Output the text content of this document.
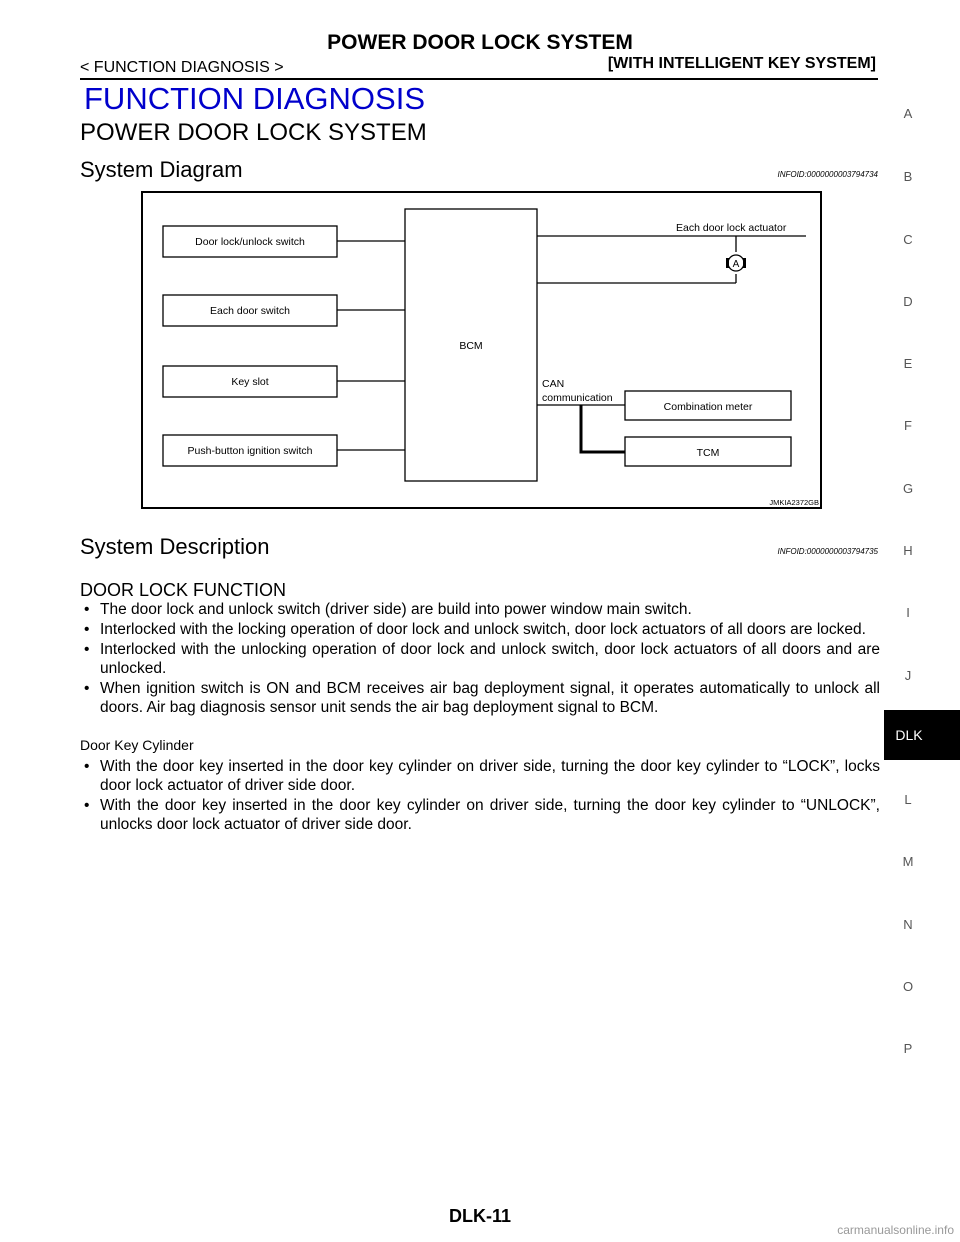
POWER DOOR LOCK SYSTEM
< FUNCTION DIAGNOSIS >	[WITH INTELLIGENT KEY SYSTEM]
FUNCTION DIAGNOSIS
POWER DOOR LOCK SYSTEM
System Diagram	INFOID:0000000003794734
A
Door lock/unlock switch
Each door switch
Key slot
Push-button ignition switch
BCM
Combination meter
TCM
Each door lock actuator
CAN
communication
JMKIA2372GB
System Description	INFOID:0000000003794735
DOOR LOCK FUNCTION
• The door lock and unlock switch (driver side) are build into power window main switch.
• Interlocked with the locking operation of door lock and unlock switch, door lock actuators of all doors are locked.
• Interlocked with the unlocking operation of door lock and unlock switch, door lock actuators of all doors and are unlocked.
• When ignition switch is ON and BCM receives air bag deployment signal, it operates automatically to unlock all doors. Air bag diagnosis sensor unit sends the air bag deployment signal to BCM.
Door Key Cylinder
• With the door key inserted in the door key cylinder on driver side, turning the door key cylinder to “LOCK”, locks door lock actuator of driver side door.
• With the door key inserted in the door key cylinder on driver side, turning the door key cylinder to “UNLOCK”, unlocks door lock actuator of driver side door.
A
B
C
D
E
F
G
H
I
J
DLK
L
M
N
O
P
DLK-11
carmanualsonline.info
